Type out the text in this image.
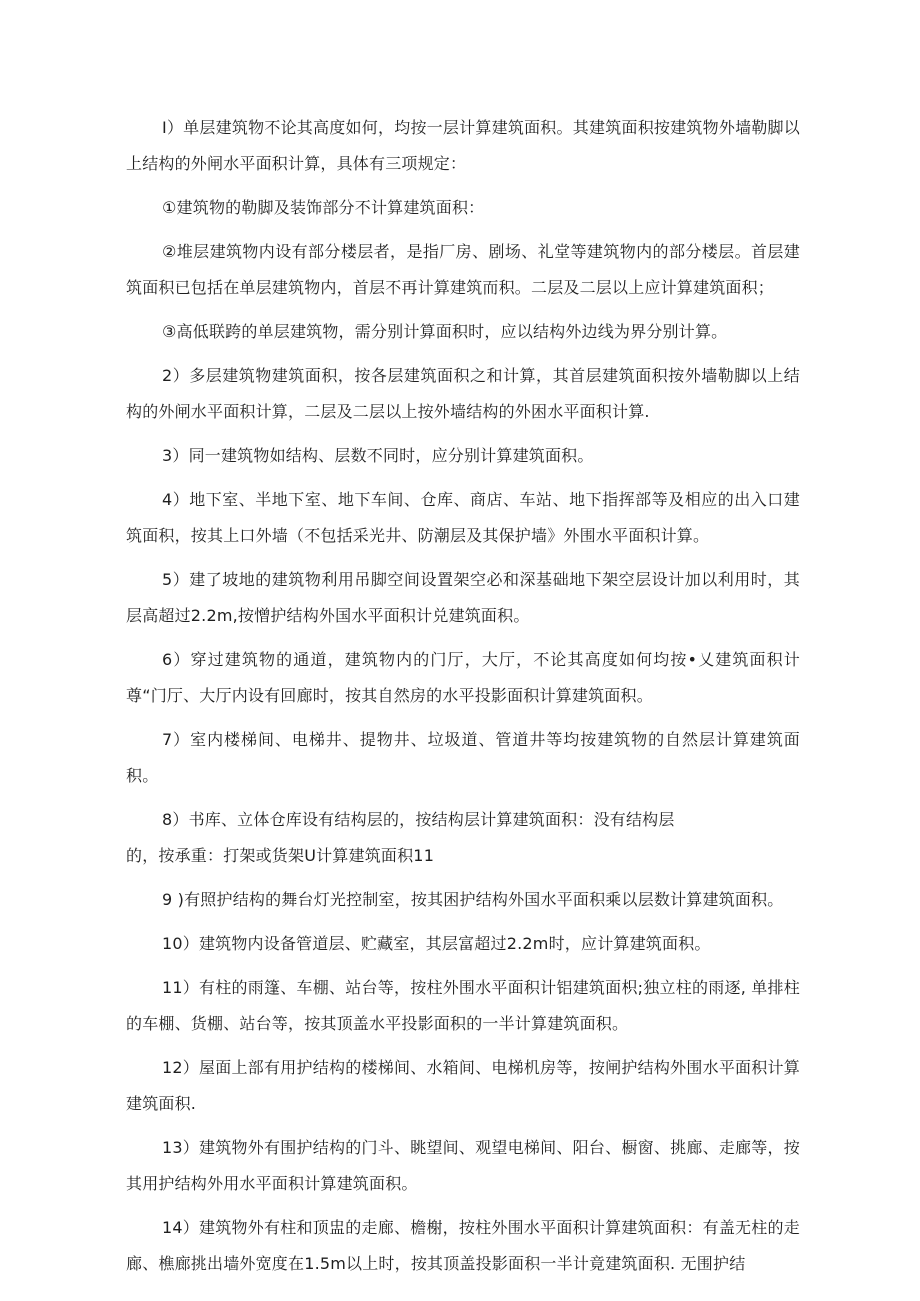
I）单层建筑物不论其高度如何，均按一层计算建筑面积。其建筑面积按建筑物外墙勒脚以上结构的外闸水平面积计算，具体有三项规定：

①建筑物的勒脚及装饰部分不计算建筑面积：

②堆层建筑物内设有部分楼层者，是指厂房、剧场、礼堂等建筑物内的部分楼层。首层建筑面积已包括在单层建筑物内，首层不再计算建筑而积。二层及二层以上应计算建筑面积；

③高低联跨的单层建筑物，需分别计算面积时，应以结构外边线为界分别计算。

2）多层建筑物建筑面积，按各层建筑面积之和计算，其首层建筑面积按外墙勒脚以上结构的外闸水平面积计算，二层及二层以上按外墙结构的外困水平面积计算.

3）同一建筑物如结构、层数不同时，应分别计算建筑面积。

4）地下室、半地下室、地下车间、仓库、商店、车站、地下指挥部等及相应的出入口建筑面积，按其上口外墙（不包括采光井、防潮层及其保护墙》外围水平面积计算。

5）建了坡地的建筑物利用吊脚空间设置架空必和深基础地下架空层设计加以利用时，其层高超过2.2m,按憎护结构外国水平面积计兑建筑面积。

6）穿过建筑物的通道，建筑物内的门厅，大厅，不论其高度如何均按•乂建筑面积计尊“门厅、大厅内设有回廊时，按其自然房的水平投影面积计算建筑面积。

7）室内楼梯间、电梯井、提物井、垃圾道、管道井等均按建筑物的自然层计算建筑面积。

8）书库、立体仓库设有结构层的，按结构层计算建筑面积：没有结构层

的，按承重：打架或货架U计算建筑面积11

9 )有照护结构的舞台灯光控制室，按其困护结构外国水平面积乘以层数计算建筑面积。

10）建筑物内设备管道层、贮藏室，其层富超过2.2m时，应计算建筑面积。

11）有柱的雨篷、车棚、站台等，按柱外围水平面积计铝建筑面枳;独立柱的雨逐, 单排柱的车棚、货棚、站台等，按其顶盖水平投影面积的一半计算建筑面积。

12）屋面上部有用护结构的楼梯间、水箱间、电梯机房等，按闸护结构外围水平面积计算建筑面积.

13）建筑物外有围护结构的门斗、眺望间、观望电梯间、阳台、橱窗、挑廊、走廊等，按其用护结构外用水平面积计算建筑面积。

14）建筑物外有柱和顶盅的走廊、檐榭，按柱外围水平面积计算建筑面积：有盖无柱的走廊、樵廊挑出墙外宽度在1.5m以上时，按其顶盖投影面积一半计竟建筑面积. 无围护结
